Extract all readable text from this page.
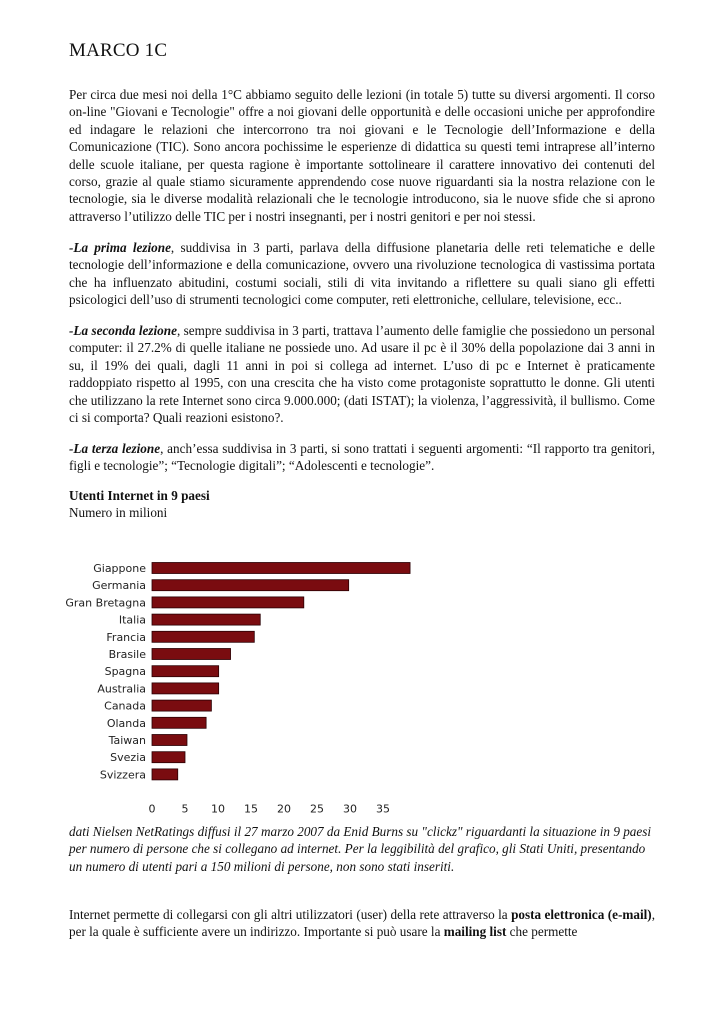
MARCO 1C

Per circa due mesi noi della 1°C abbiamo seguito delle lezioni (in totale 5) tutte su diversi argomenti. Il corso on-line "Giovani e Tecnologie" offre a noi giovani delle opportunità e delle occasioni uniche per approfondire ed indagare le relazioni che intercorrono tra noi giovani e le Tecnologie dell’Informazione e della Comunicazione (TIC). Sono ancora pochissime le esperienze di didattica su questi temi intraprese all’interno delle scuole italiane, per questa ragione è importante sottolineare il carattere innovativo dei contenuti del corso, grazie al quale stiamo sicuramente apprendendo cose nuove riguardanti sia la nostra relazione con le tecnologie, sia le diverse modalità relazionali che le tecnologie introducono, sia le nuove sfide che si aprono attraverso l’utilizzo delle TIC per i nostri insegnanti, per i nostri genitori e per noi stessi.

-La prima lezione, suddivisa in 3 parti, parlava della diffusione planetaria delle reti telematiche e delle tecnologie dell’informazione e della comunicazione, ovvero una rivoluzione tecnologica di vastissima portata che ha influenzato abitudini, costumi sociali, stili di vita invitando a riflettere su quali siano gli effetti psicologici dell’uso di strumenti tecnologici come computer, reti elettroniche, cellulare, televisione, ecc..

-La seconda lezione, sempre suddivisa in 3 parti, trattava l’aumento delle famiglie che possiedono un personal computer: il 27.2% di quelle italiane ne possiede uno. Ad usare il pc è il 30% della popolazione dai 3 anni in su, il 19% dei quali, dagli 11 anni in poi si collega ad internet. L’uso di pc e Internet è praticamente raddoppiato rispetto al 1995, con una crescita che ha visto come protagoniste soprattutto le donne. Gli utenti che utilizzano la rete Internet sono circa 9.000.000; (dati ISTAT); la violenza, l’aggressività, il bullismo. Come ci si comporta? Quali reazioni esistono?.

-La terza lezione, anch’essa suddivisa in 3 parti, si sono trattati i seguenti argomenti: “Il rapporto tra genitori, figli e tecnologie”; “Tecnologie digitali”; “Adolescenti e tecnologie”.

Utenti Internet in 9 paesi

Numero in milioni

dati Nielsen NetRatings diffusi il 27 marzo 2007 da Enid Burns su "clickz" riguardanti la situazione in 9 paesi per numero di persone che si collegano ad internet. Per la leggibilità del grafico, gli Stati Uniti, presentando un numero di utenti pari a 150 milioni di persone, non sono stati inseriti.

Internet permette di collegarsi con gli altri utilizzatori (user) della rete attraverso la posta elettronica (e-mail), per la quale è sufficiente avere un indirizzo. Importante si può usare la mailing list che permette

Giappone
Germania
Gran Bretagna
Italia
Francia
Brasile
Spagna
Australia
Canada
Olanda
Taiwan
Svezia
Svizzera
0 5 10 15 20 25 30 35
